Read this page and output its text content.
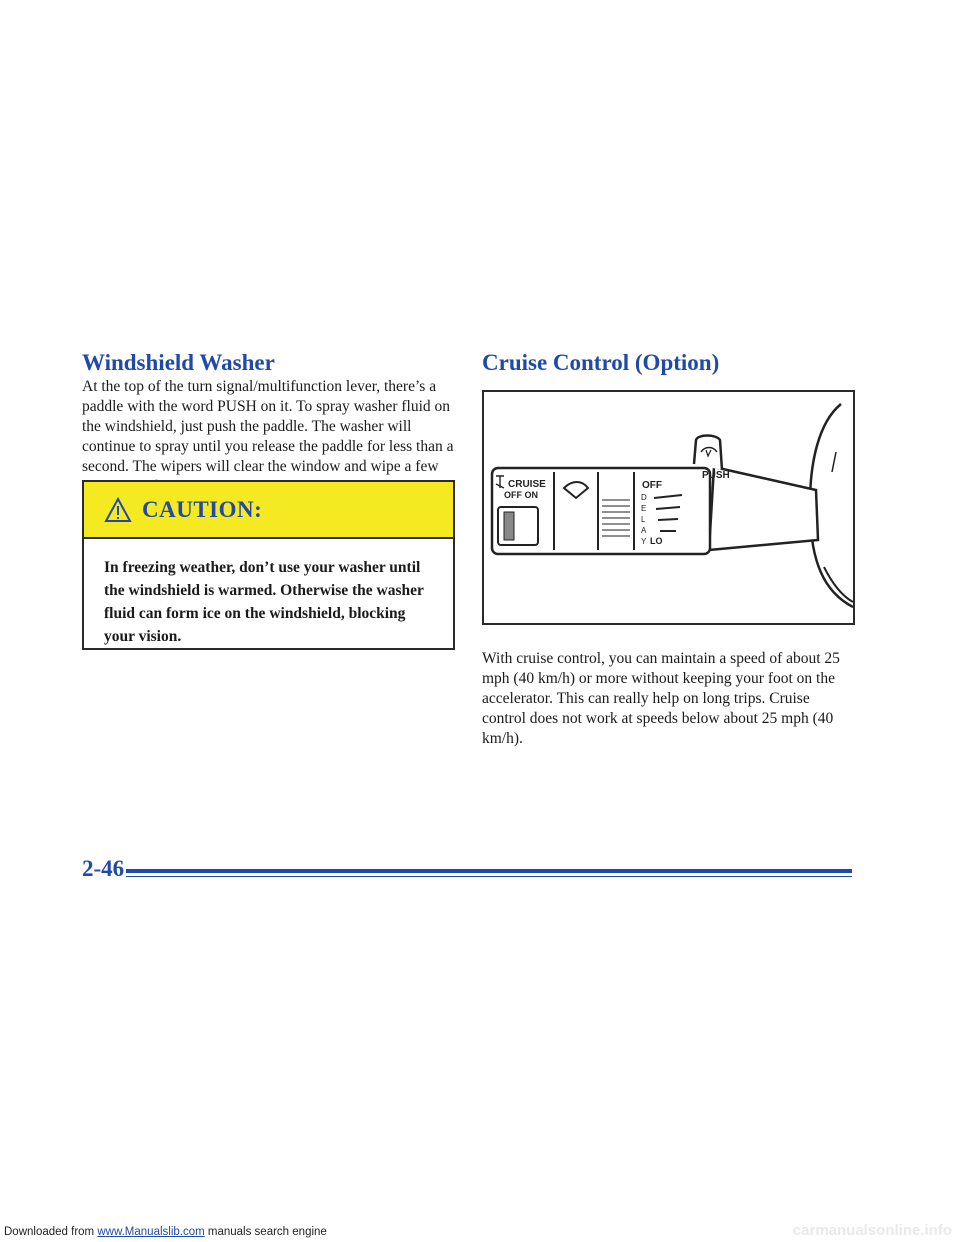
Windshield Washer

At the top of the turn signal/multifunction lever, there’s a paddle with the word PUSH on it. To spray washer fluid on the windshield, just push the paddle. The washer will continue to spray until you release the paddle for less than a second. The wipers will clear the window and wipe a few

CAUTION:

In freezing weather, don’t use your washer until the windshield is warmed. Otherwise the washer fluid can form ice on the windshield, blocking your vision.

Cruise Control (Option)
CRUISE
OFF ON
OFF
D
E
L
A
Y LO
PUSH

With cruise control, you can maintain a speed of about 25 mph (40 km/h) or more without keeping your foot on the accelerator. This can really help on long trips. Cruise control does not work at speeds below about 25 mph (40 km/h).

2-46

Downloaded from www.Manualslib.com manuals search engine	carmanualsonline.info
